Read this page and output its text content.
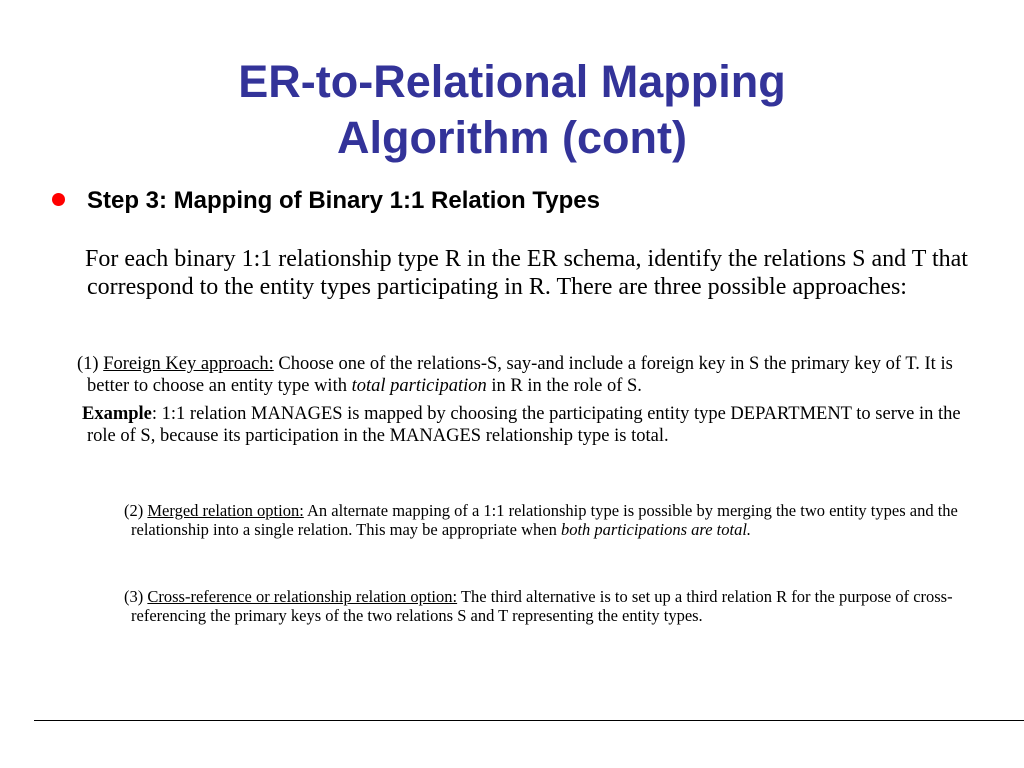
ER-to-Relational Mapping
Algorithm (cont)
Step 3: Mapping of Binary 1:1 Relation Types

For each binary 1:1 relationship type R in the ER schema, identify the relations S and T that correspond to the entity types participating in R. There are three possible approaches:

(1) Foreign Key approach: Choose one of the relations-S, say-and include a foreign key in S the primary key of T. It is better to choose an entity type with total participation in R in the role of S.

Example: 1:1 relation MANAGES is mapped by choosing the participating entity type DEPARTMENT to serve in the role of S, because its participation in the MANAGES relationship type is total.

(2) Merged relation option: An alternate mapping of a 1:1 relationship type is possible by merging the two entity types and the relationship into a single relation. This may be appropriate when both participations are total.

(3) Cross-reference or relationship relation option: The third alternative is to set up a third relation R for the purpose of cross-referencing the primary keys of the two relations S and T representing the entity types.
